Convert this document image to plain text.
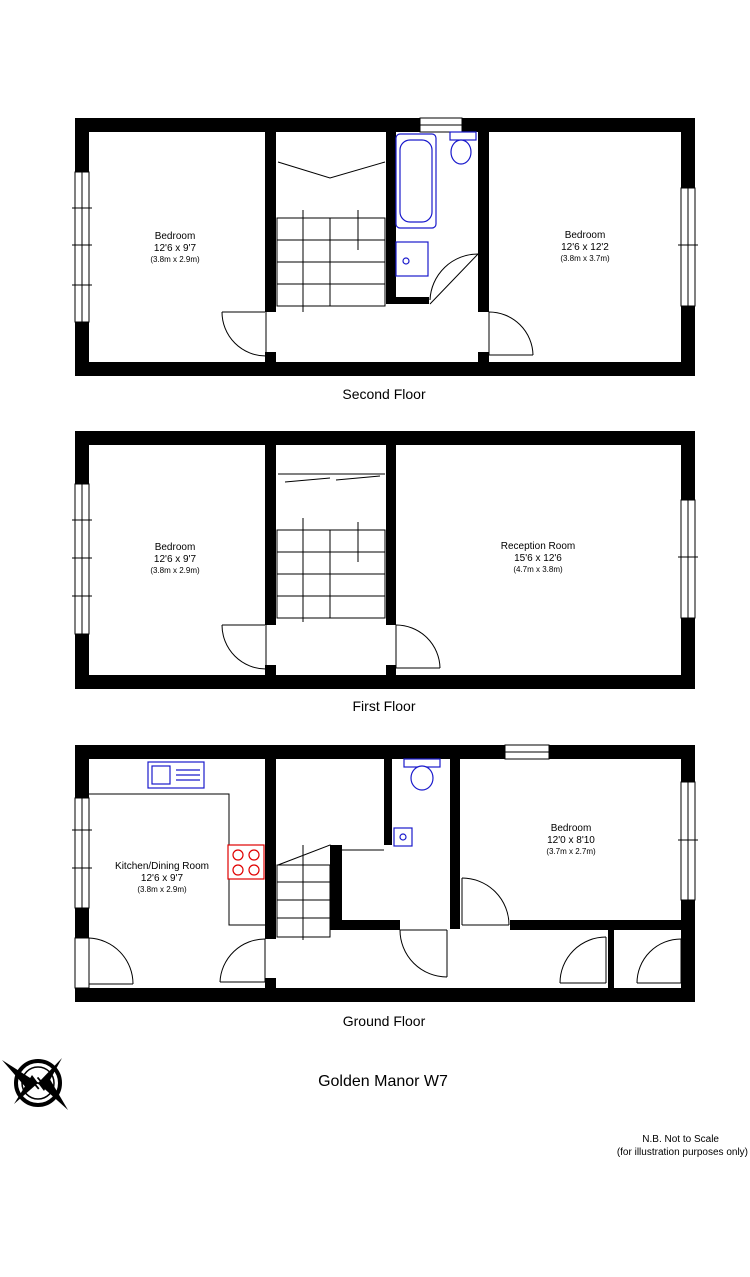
Bedroom
12'6 x 9'7
(3.8m x 2.9m)
Bedroom
12'6 x 12'2
(3.8m x 3.7m)
Second Floor
Bedroom
12'6 x 9'7
(3.8m x 2.9m)
Reception Room
15'6 x 12'6
(4.7m x 3.8m)
First Floor
Kitchen/Dining Room
12'6 x 9'7
(3.8m x 2.9m)
Bedroom
12'0 x 8'10
(3.7m x 2.7m)
Ground Floor
N	Golden Manor W7
N.B. Not to Scale
(for illustration purposes only)
